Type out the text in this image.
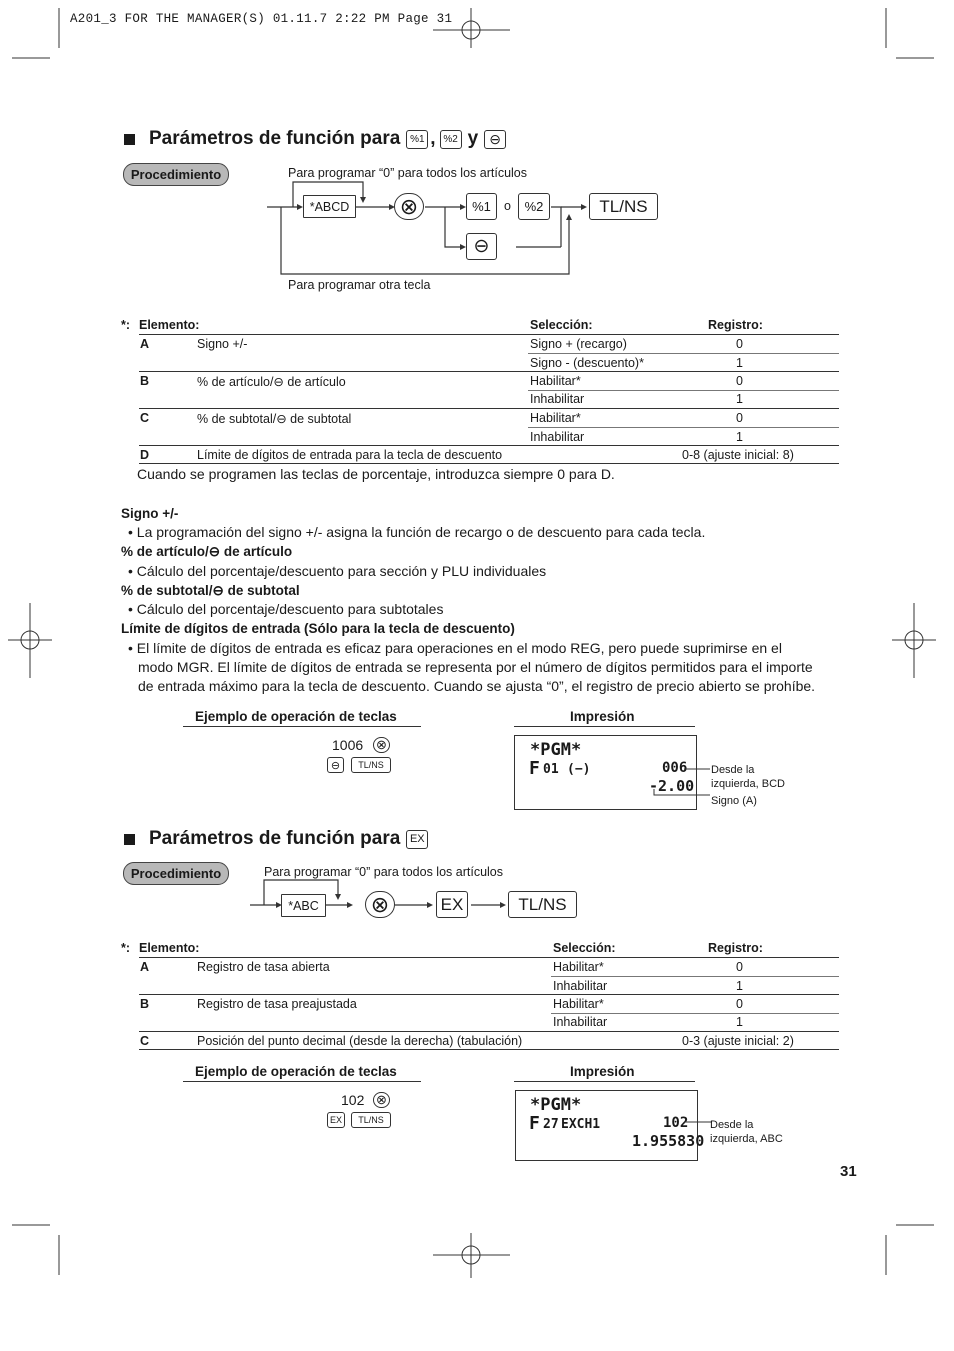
A201_3 FOR THE MANAGER(S) 01.11.7 2:22 PM Page 31
Parámetros de función para %1 , %2 y ⊖
Procedimiento	Para programar “0” para todos los artículos
Para programar otra tecla
*ABCD	⊗	%1	o	%2
⊖
TL/NS
*: Elemento:	Selección:	Registro:
A	Signo +/-	Signo + (recargo)	0
Signo - (descuento)*	1
B	% de artículo/⊖ de artículo	Habilitar*	0
Inhabilitar	1
C	% de subtotal/⊖ de subtotal	Habilitar*	0
Inhabilitar	1
D	Límite de dígitos de entrada para la tecla de descuento	0-8 (ajuste inicial: 8)
Cuando se programen las teclas de porcentaje, introduzca siempre 0 para D.
Signo +/-
• La programación del signo +/- asigna la función de recargo o de descuento para cada tecla.
% de artículo/⊖ de artículo
• Cálculo del porcentaje/descuento para sección y PLU individuales
% de subtotal/⊖ de subtotal
• Cálculo del porcentaje/descuento para subtotales
Límite de dígitos de entrada (Sólo para la tecla de descuento)
• El límite de dígitos de entrada es eficaz para operaciones en el modo REG, pero puede suprimirse en el
modo MGR. El límite de dígitos de entrada se representa por el número de dígitos permitidos para el importe
de entrada máximo para la tecla de descuento. Cuando se ajusta “0”, el registro de precio abierto se prohíbe.
Ejemplo de operación de teclas	Impresión
1006 ⊗
⊖	TL/NS
*PGM*
F 01 (−)	006
-2.00
Desde la
izquierda, BCD
Signo (A)
Parámetros de función para EX
Procedimiento	Para programar “0” para todos los artículos
*ABC	⊗	EX	TL/NS
*: Elemento:	Selección:	Registro:
A	Registro de tasa abierta	Habilitar*	0
Inhabilitar	1
B	Registro de tasa preajustada	Habilitar*	0
Inhabilitar	1
C	Posición del punto decimal (desde la derecha) (tabulación)	0-3 (ajuste inicial: 2)
Ejemplo de operación de teclas	Impresión
102 ⊗
EX	TL/NS
*PGM*
F 27 EXCH1	102
1.955830
Desde la
izquierda, ABC
31
